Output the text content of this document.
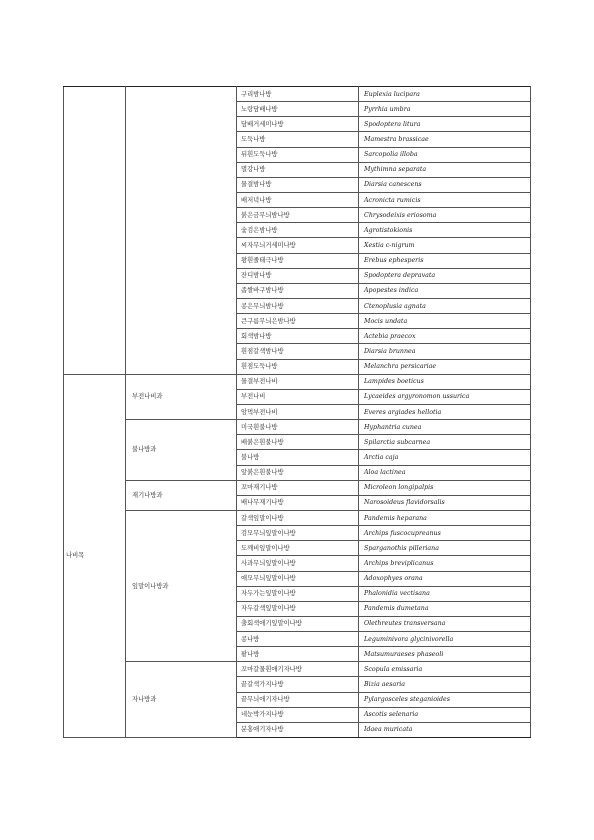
		구리밤나방	Euplexia lucipara
		노랑담배나방	Pyrrhia umbra
		담배거세미나방	Spodoptera litura
		도둑나방	Mamestra brassicae
		뒤흰도둑나방	Sarcopolia illoba
		멸강나방	Mythimna separata
		물결밤나방	Diarsia canescens
		배저녁나방	Acronicta rumicis
		붉은금무늬밤나방	Chrysodeixis eriosoma
		숯검은밤나방	Agrotistokionis
		씨자무늬거세미나방	Xestia c-nigrum
		왕흰줄태극나방	Erebus ephesperis
		잔디밤나방	Spodoptera depravata
		좁쌀바구밤나방	Apopestes indica
		콩은무늬밤나방	Ctenoplusia agnata
		큰구름무늬은밤나방	Mocis undata
		회색밤나방	Actebia praecox
		흰점갈색밤나방	Diarsia brunnea
		흰점도둑나방	Melanchra persicariae
나비목	부전나비과	물결부전나비	Lampides boeticus
		부전나비	Lycaeides argyronomon ussurica
		암먹부전나비	Everes argiades hellotia
	불나방과	미국흰불나방	Hyphantria cunea
		배붉은흰불나방	Spilarctia subcarnea
		불나방	Arctia caja
		앞붉은흰불나방	Aloa lactinea
	재기나방과	꼬마재기나방	Microleon longipalpis
		배나무재기나방	Narosoideus flavidorsalis
	잎말이나방과	갈색잎말이나방	Pandemis heparana
		검모무늬잎말이나방	Archips fuscocupreanus
		도깨비잎말이나방	Sparganothis pilleriana
		사과무늬잎말이나방	Archips breviplicanus
		애모무늬잎말이나방	Adoxophyes orana
		자두가는잎말이나방	Phalonidia vectisana
		자두갈색잎말이나방	Pandemis dumetana
		출회색애기잎말이나방	Olethreutes transversana
		콩나방	Leguminivora glycinivorella
		팥나방	Matsumuraeses phaseoli
	자나방과	꼬마갈물흰애기자나방	Scopula emissaria
		끝갈색가지나방	Bizia aesaria
		끝무늬애기자나방	Pylargosceles steganioides
		네눈박가지나방	Ascotis selenaria
		분홍애기자나방	Idaea muricata
